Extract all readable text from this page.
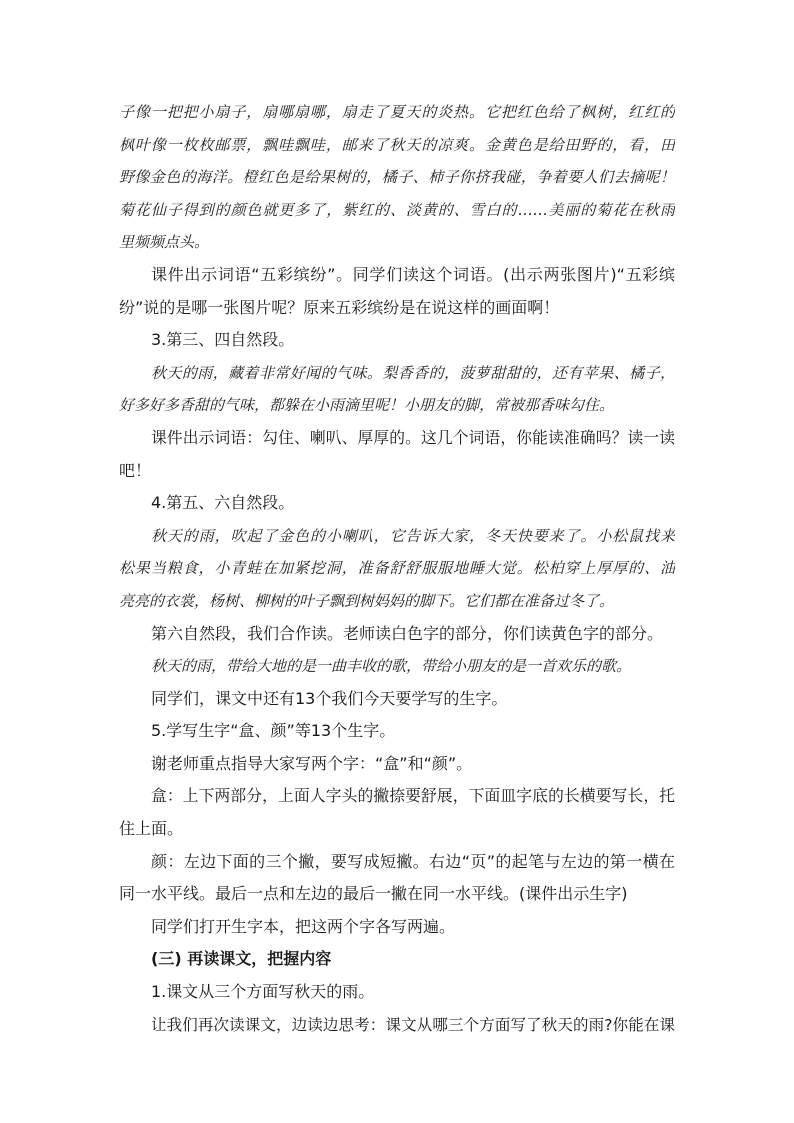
子像一把把小扇子，扇哪扇哪，扇走了夏天的炎热。它把红色给了枫树，红红的
枫叶像一枚枚邮票，飘哇飘哇，邮来了秋天的凉爽。金黄色是给田野的，看，田
野像金色的海洋。橙红色是给果树的，橘子、柿子你挤我碰，争着要人们去摘呢！
菊花仙子得到的颜色就更多了，紫红的、淡黄的、雪白的……美丽的菊花在秋雨
里频频点头。
课件出示词语“五彩缤纷”。同学们读这个词语。(出示两张图片)“五彩缤
纷”说的是哪一张图片呢？原来五彩缤纷是在说这样的画面啊！
3.第三、四自然段。
秋天的雨，藏着非常好闻的气味。梨香香的，菠萝甜甜的，还有苹果、橘子，
好多好多香甜的气味，都躲在小雨滴里呢！小朋友的脚，常被那香味勾住。
课件出示词语：勾住、喇叭、厚厚的。这几个词语，你能读准确吗？读一读
吧！
4.第五、六自然段。
秋天的雨，吹起了金色的小喇叭，它告诉大家，冬天快要来了。小松鼠找来
松果当粮食，小青蛙在加紧挖洞，准备舒舒服服地睡大觉。松柏穿上厚厚的、油
亮亮的衣裳，杨树、柳树的叶子飘到树妈妈的脚下。它们都在准备过冬了。
第六自然段，我们合作读。老师读白色字的部分，你们读黄色字的部分。
秋天的雨，带给大地的是一曲丰收的歌，带给小朋友的是一首欢乐的歌。
同学们，课文中还有13个我们今天要学写的生字。
5.学写生字“盒、颜”等13个生字。
谢老师重点指导大家写两个字：“盒”和“颜”。
盒：上下两部分，上面人字头的撇捺要舒展，下面皿字底的长横要写长，托
住上面。
颜：左边下面的三个撇，要写成短撇。右边“页”的起笔与左边的第一横在
同一水平线。最后一点和左边的最后一撇在同一水平线。(课件出示生字)
同学们打开生字本，把这两个字各写两遍。
(三) 再读课文，把握内容
1.课文从三个方面写秋天的雨。
让我们再次读课文，边读边思考：课文从哪三个方面写了秋天的雨?你能在课
